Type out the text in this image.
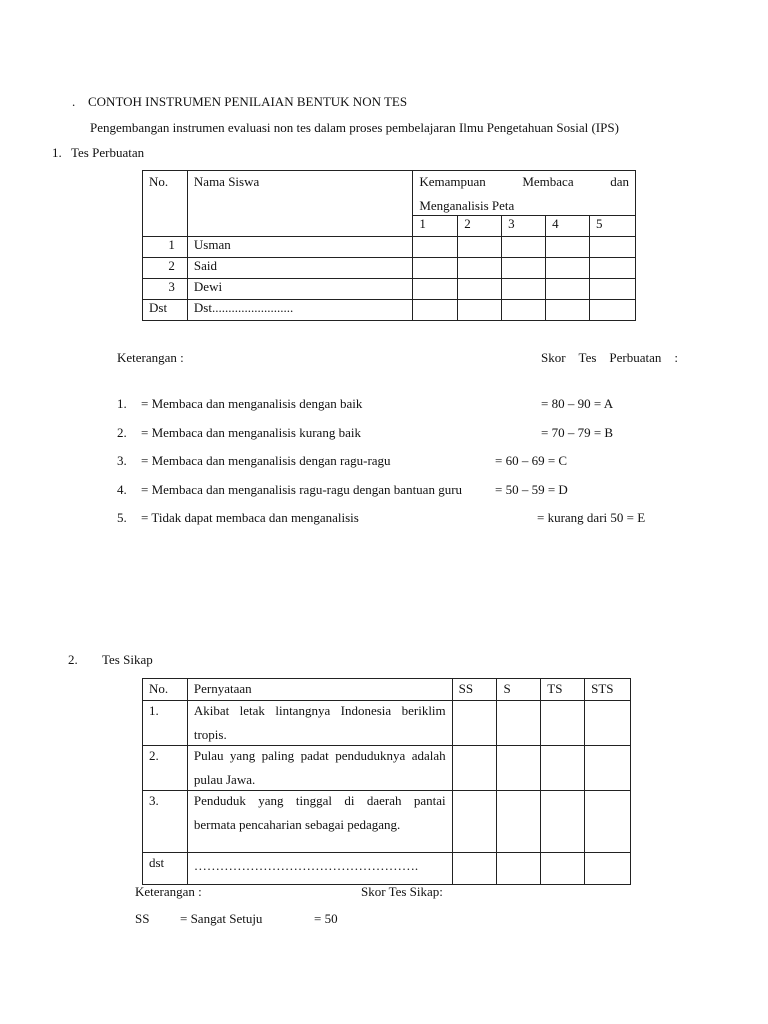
. CONTOH INSTRUMEN PENILAIAN BENTUK NON TES
Pengembangan instrumen evaluasi non tes dalam proses pembelajaran Ilmu Pengetahuan Sosial (IPS)
1. Tes Perbuatan
No.	Nama Siswa	Kemampuan Membaca dan
Menganalisis Peta				

		1	2	3	4	5
1	Usman					
2	Said					
3	Dewi					
Dst	Dst.........................					
Keterangan :	Skor Tes Perbuatan :
1. = Membaca dan menganalisis dengan baik	= 80 – 90 = A
2. = Membaca dan menganalisis kurang baik	= 70 – 79 = B
3. = Membaca dan menganalisis dengan ragu-ragu	= 60 – 69 = C
4. = Membaca dan menganalisis ragu-ragu dengan bantuan guru	= 50 – 59 = D
5. = Tidak dapat membaca dan menganalisis	= kurang dari 50 = E
2. Tes Sikap
No.	Pernyataan	SS	S	TS	STS

1.	Akibat letak lintangnya Indonesia beriklim
tropis.				

2.	Pulau yang paling padat penduduknya adalah
pulau Jawa.				

3.	Penduduk yang tinggal di daerah pantai
bermata pencaharian sebagai pedagang.				

dst	…………………………………………….				

Keterangan :	Skor Tes Sikap:
SS = Sangat Setuju	= 50
